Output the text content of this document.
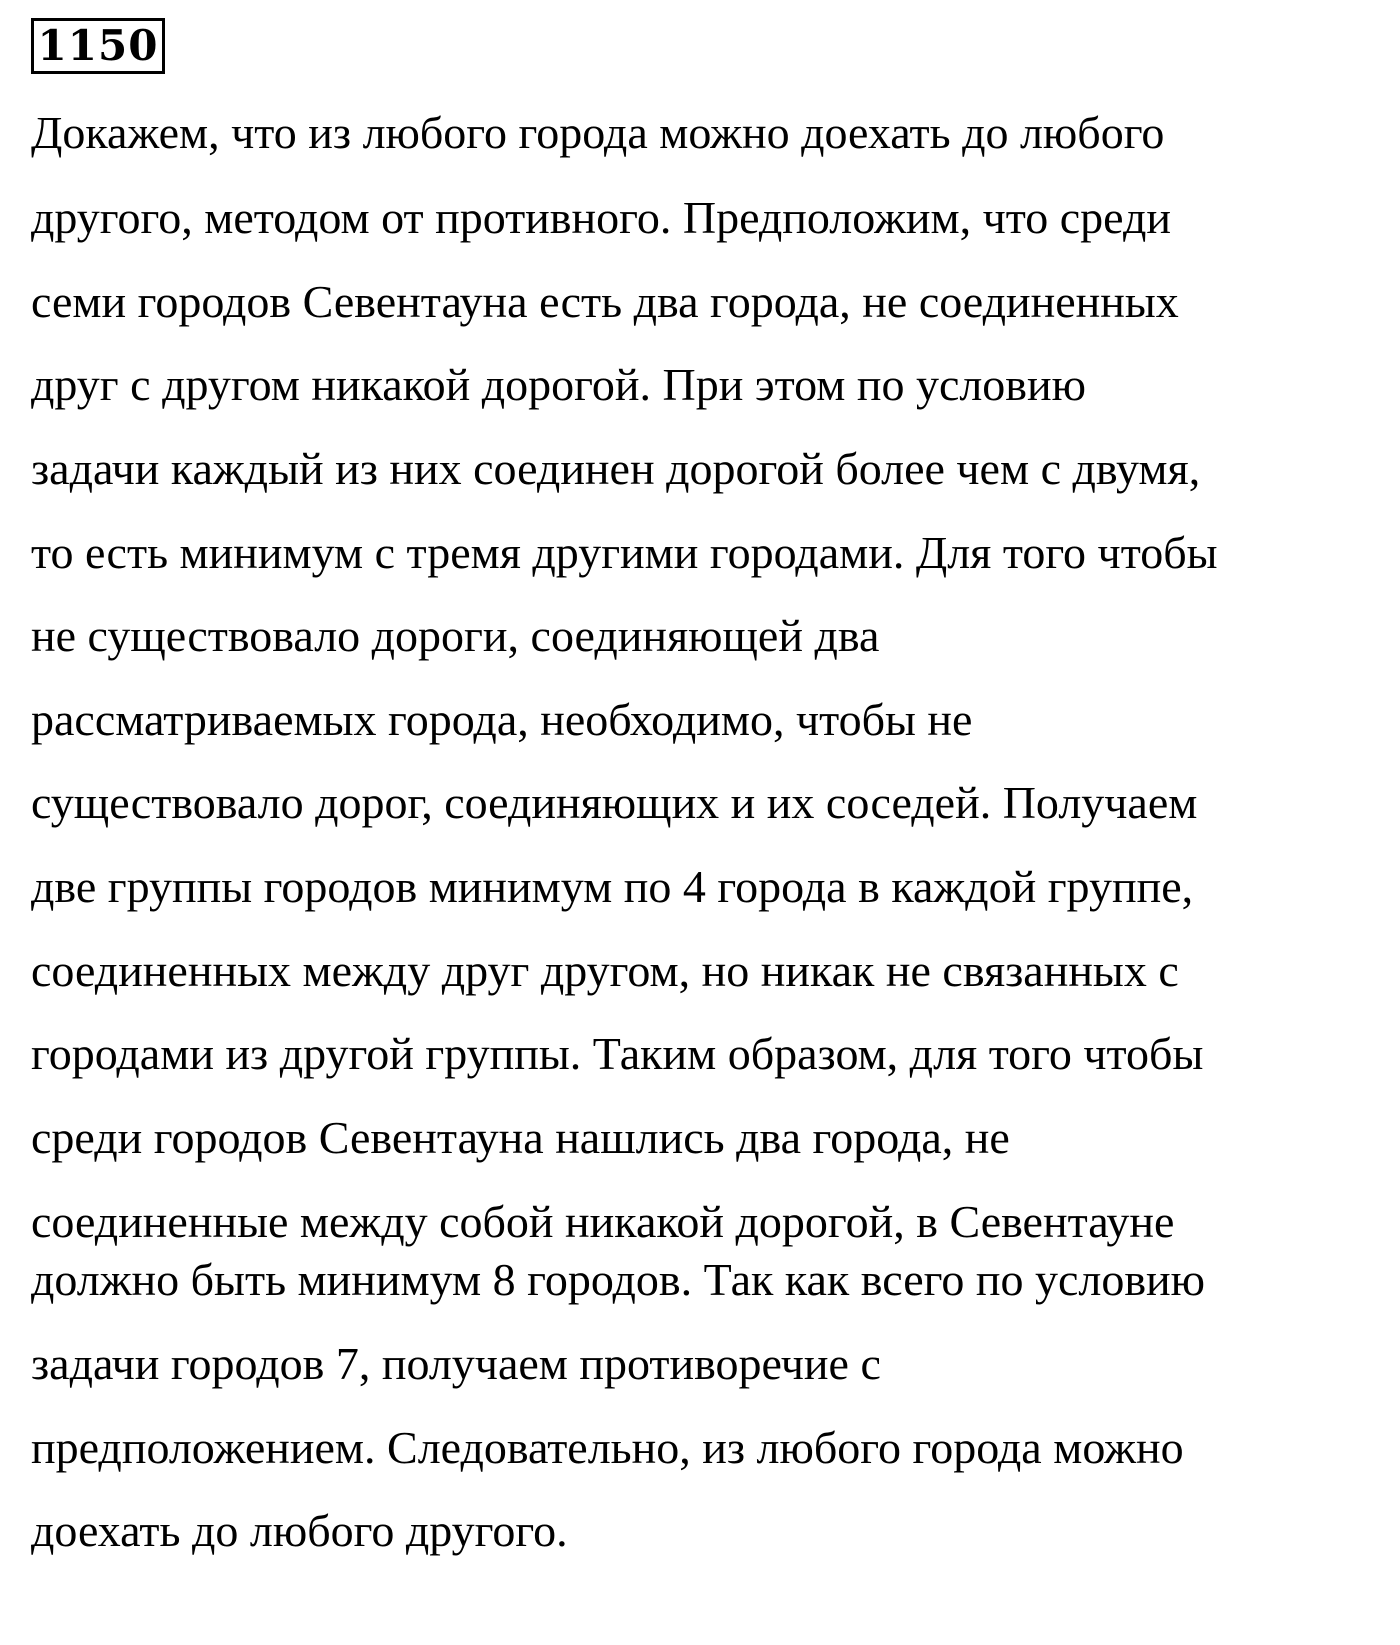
1150
Докажем, что из любого города можно доехать до любого
другого, методом от противного. Предположим, что среди
семи городов Севентауна есть два города, не соединенных
друг с другом никакой дорогой. При этом по условию
задачи каждый из них соединен дорогой более чем с двумя,
то есть минимум с тремя другими городами. Для того чтобы
не существовало дороги, соединяющей два
рассматриваемых города, необходимо, чтобы не
существовало дорог, соединяющих и их соседей. Получаем
две группы городов минимум по 4 города в каждой группе,
соединенных между друг другом, но никак не связанных с
городами из другой группы. Таким образом, для того чтобы
среди городов Севентауна нашлись два города, не
соединенные между собой никакой дорогой, в Севентауне
должно быть минимум 8 городов. Так как всего по условию
задачи городов 7, получаем противоречие с
предположением. Следовательно, из любого города можно
доехать до любого другого.
